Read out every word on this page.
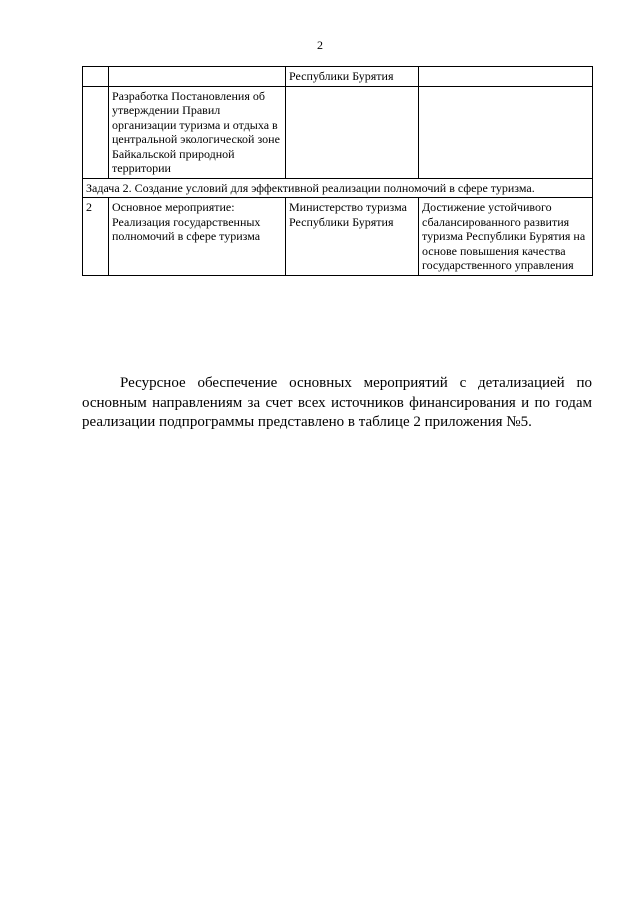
2
		Республики Бурятия	
	Разработка Постановления об утверждении Правил организации туризма и отдыха в центральной экологической зоне Байкальской природной территории		
Задача 2. Создание условий для эффективной реализации полномочий в сфере туризма.			
2	Основное мероприятие: Реализация государственных полномочий в сфере туризма	Министерство туризма Республики Бурятия	Достижение устойчивого сбалансированного развития туризма Республики Бурятия на основе повышения качества государственного управления

Ресурсное обеспечение основных мероприятий с детализацией по основным направлениям за счет всех источников финансирования и по годам реализации подпрограммы представлено в таблице 2 приложения №5.
